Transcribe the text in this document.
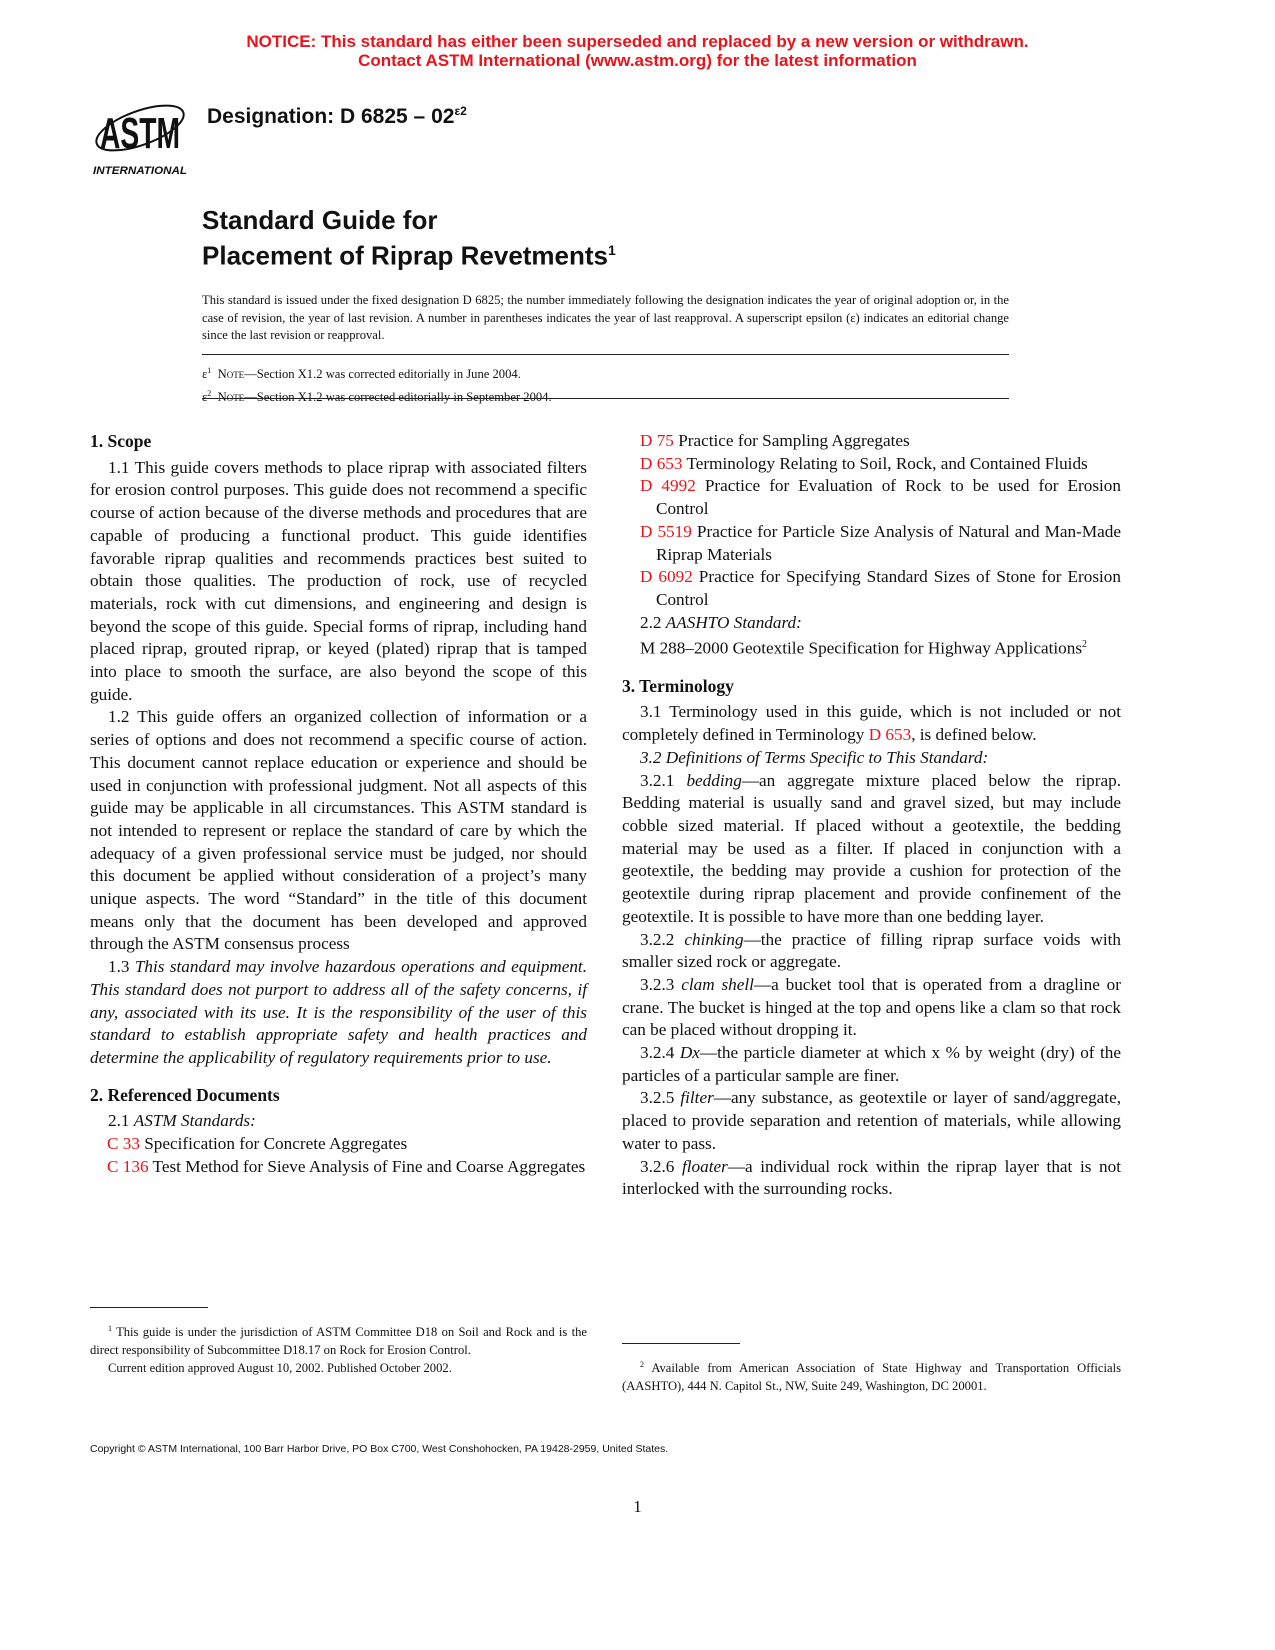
NOTICE: This standard has either been superseded and replaced by a new version or withdrawn.
Contact ASTM International (www.astm.org) for the latest information
ASTM
INTERNATIONAL
Designation: D $6825 - 02^{\varepsilon 2}$
Standard Guide for
Placement of Riprap Revetments$^1$
This standard is issued under the fixed designation D 6825; the number immediately following the designation indicates the year of original adoption or, in the case of revision, the year of last revision. A number in parentheses indicates the year of last reapproval. A superscript epsilon (ε) indicates an editorial change since the last revision or reapproval.
$\varepsilon^1$ Note—Section X1.2 was corrected editorially in June 2004.
$\varepsilon^2$ Note—Section X1.2 was corrected editorially in September 2004.
1. Scope

1.1 This guide covers methods to place riprap with associated filters for erosion control purposes. This guide does not recommend a specific course of action because of the diverse methods and procedures that are capable of producing a functional product. This guide identifies favorable riprap qualities and recommends practices best suited to obtain those qualities. The production of rock, use of recycled materials, rock with cut dimensions, and engineering and design is beyond the scope of this guide. Special forms of riprap, including hand placed riprap, grouted riprap, or keyed (plated) riprap that is tamped into place to smooth the surface, are also beyond the scope of this guide.

1.2 This guide offers an organized collection of information or a series of options and does not recommend a specific course of action. This document cannot replace education or experience and should be used in conjunction with professional judgment. Not all aspects of this guide may be applicable in all circumstances. This ASTM standard is not intended to represent or replace the standard of care by which the adequacy of a given professional service must be judged, nor should this document be applied without consideration of a project’s many unique aspects. The word “Standard” in the title of this document means only that the document has been developed and approved through the ASTM consensus process

1.3 This standard may involve hazardous operations and equipment. This standard does not purport to address all of the safety concerns, if any, associated with its use. It is the responsibility of the user of this standard to establish appropriate safety and health practices and determine the applicability of regulatory requirements prior to use.

2. Referenced Documents

2.1 ASTM Standards:

C 33 Specification for Concrete Aggregates
C 136 Test Method for Sieve Analysis of Fine and Coarse Aggregates
D 75 Practice for Sampling Aggregates
D 653 Terminology Relating to Soil, Rock, and Contained Fluids
D 4992 Practice for Evaluation of Rock to be used for Erosion Control
D 5519 Practice for Particle Size Analysis of Natural and Man-Made Riprap Materials
D 6092 Practice for Specifying Standard Sizes of Stone for Erosion Control

2.2 AASHTO Standard:

M 288–2000 Geotextile Specification for Highway Applications$^2$
3. Terminology

3.1 Terminology used in this guide, which is not included or not completely defined in Terminology D 653, is defined below.

3.2 Definitions of Terms Specific to This Standard:

3.2.1 bedding—an aggregate mixture placed below the riprap. Bedding material is usually sand and gravel sized, but may include cobble sized material. If placed without a geotextile, the bedding material may be used as a filter. If placed in conjunction with a geotextile, the bedding may provide a cushion for protection of the geotextile during riprap placement and provide confinement of the geotextile. It is possible to have more than one bedding layer.

3.2.2 chinking—the practice of filling riprap surface voids with smaller sized rock or aggregate.

3.2.3 clam shell—a bucket tool that is operated from a dragline or crane. The bucket is hinged at the top and opens like a clam so that rock can be placed without dropping it.

3.2.4 Dx—the particle diameter at which x % by weight (dry) of the particles of a particular sample are finer.

3.2.5 filter—any substance, as geotextile or layer of sand/aggregate, placed to provide separation and retention of materials, while allowing water to pass.

3.2.6 floater—a individual rock within the riprap layer that is not interlocked with the surrounding rocks.

$^1$ This guide is under the jurisdiction of ASTM Committee D18 on Soil and Rock and is the direct responsibility of Subcommittee D18.17 on Rock for Erosion Control.

Current edition approved August 10, 2002. Published October 2002.	$^2$ Available from American Association of State Highway and Transportation Officials (AASHTO), 444 N. Capitol St., NW, Suite 249, Washington, DC 20001.

Copyright © ASTM International, 100 Barr Harbor Drive, PO Box C700, West Conshohocken, PA 19428-2959, United States.
1
